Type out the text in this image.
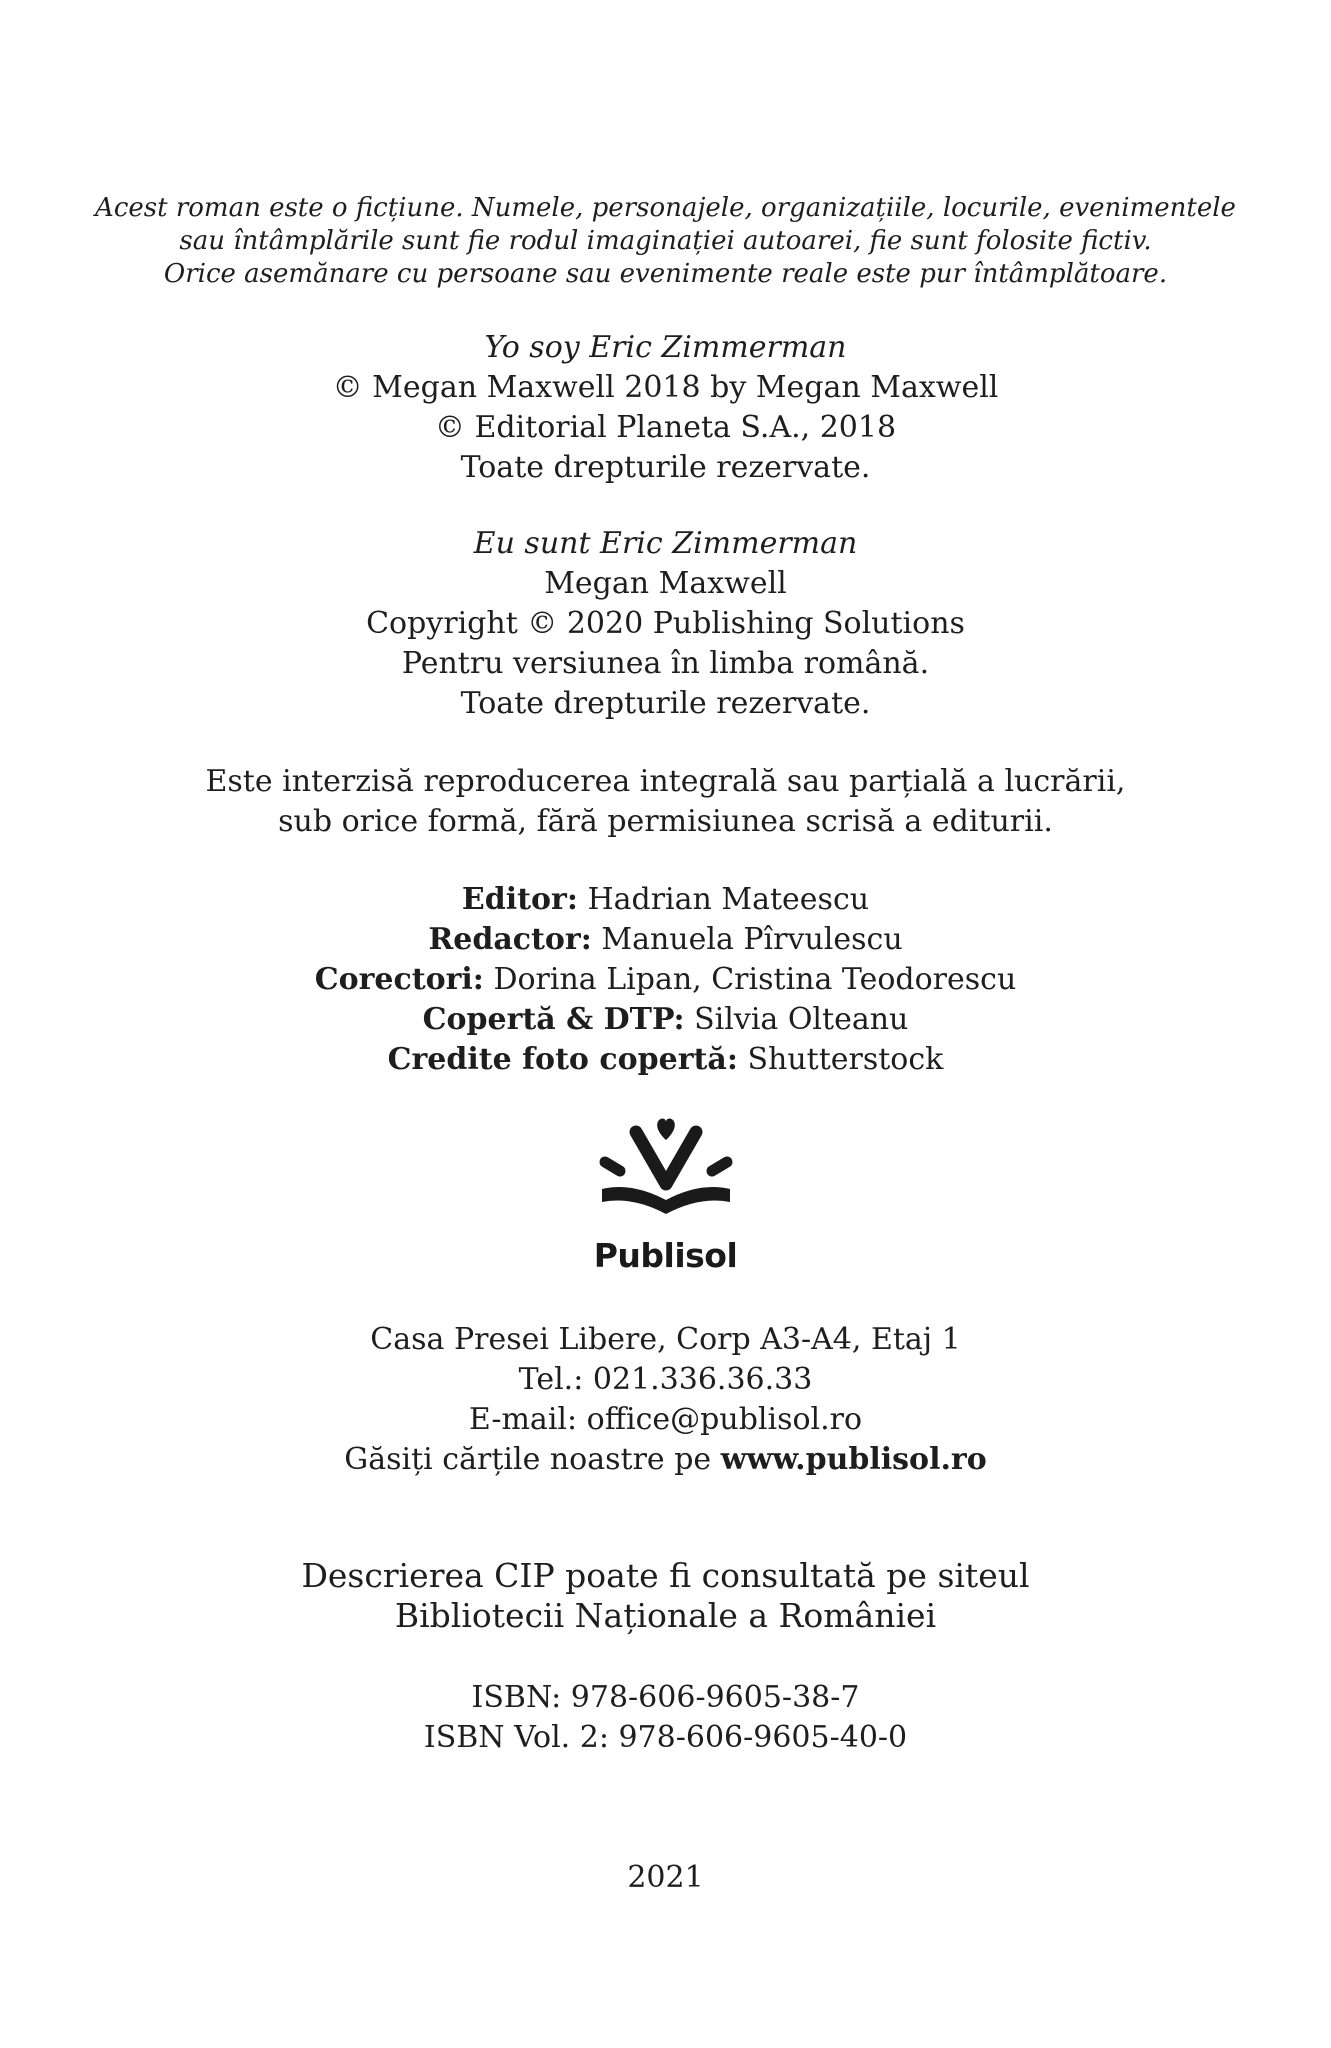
Acest roman este o ficțiune. Numele, personajele, organizațiile, locurile, evenimentele
sau întâmplările sunt fie rodul imaginației autoarei, fie sunt folosite fictiv.
Orice asemănare cu persoane sau evenimente reale este pur întâmplătoare.
Yo soy Eric Zimmerman
© Megan Maxwell 2018 by Megan Maxwell
© Editorial Planeta S.A., 2018
Toate drepturile rezervate.
Eu sunt Eric Zimmerman
Megan Maxwell
Copyright © 2020 Publishing Solutions
Pentru versiunea în limba română.
Toate drepturile rezervate.
Este interzisă reproducerea integrală sau parțială a lucrării,
sub orice formă, fără permisiunea scrisă a editurii.
Editor: Hadrian Mateescu
Redactor: Manuela Pîrvulescu
Corectori: Dorina Lipan, Cristina Teodorescu
Copertă & DTP: Silvia Olteanu
Credite foto copertă: Shutterstock
Publisol
Casa Presei Libere, Corp A3-A4, Etaj 1
Tel.: 021.336.36.33
E-mail: office@publisol.ro
Găsiți cărțile noastre pe www.publisol.ro
Descrierea CIP poate fi consultată pe siteul
Bibliotecii Naționale a României
ISBN: 978-606-9605-38-7
ISBN Vol. 2: 978-606-9605-40-0
2021
